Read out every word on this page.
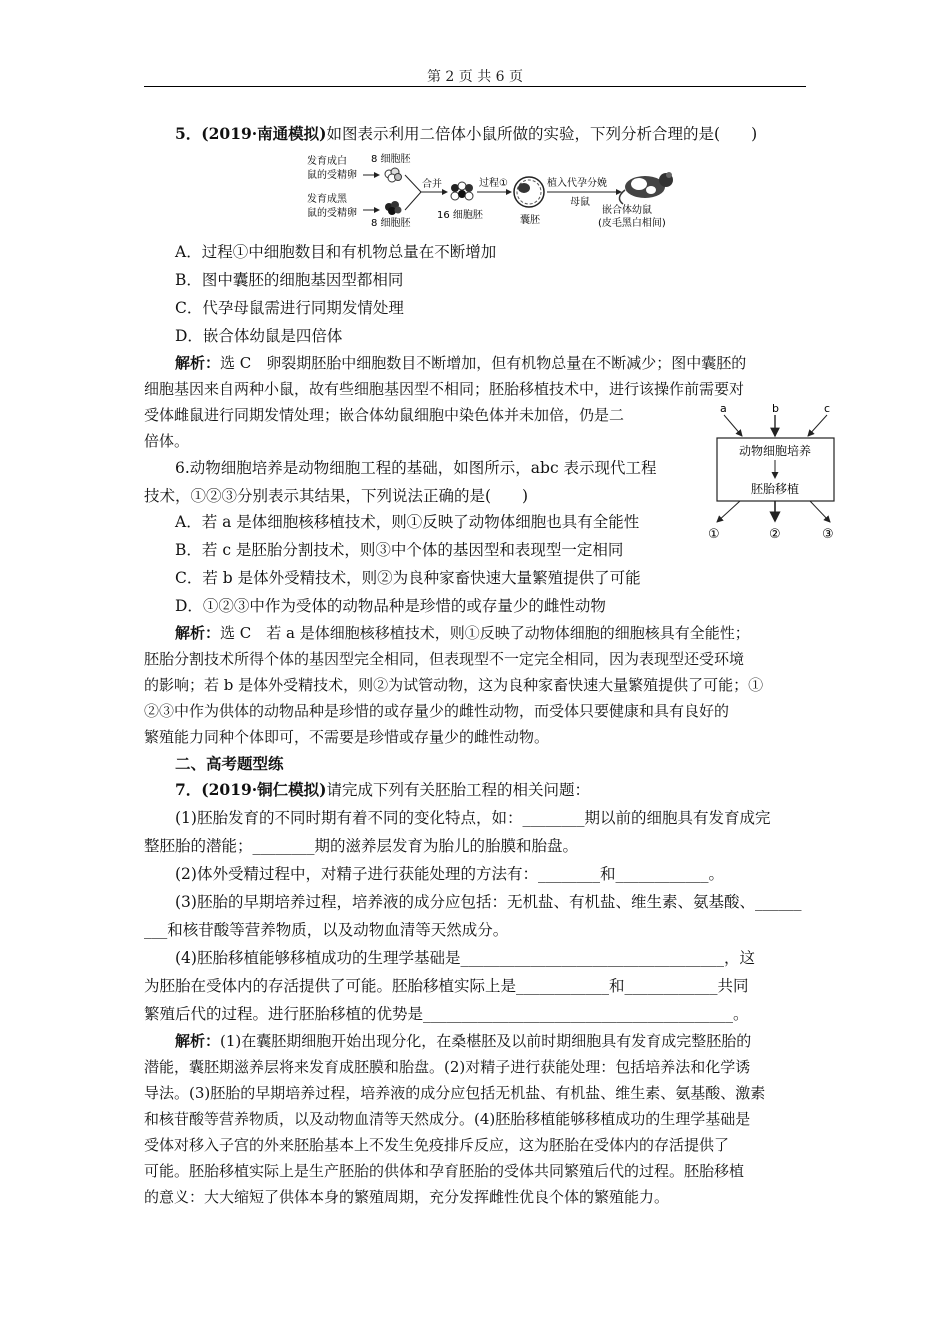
第 2 页 共 6 页

5．(2019·南通模拟)如图表示利用二倍体小鼠所做的实验，下列分析合理的是(　　)

发育成白
鼠的受精卵
发育成黑
鼠的受精卵
8 细胞胚
8 细胞胚
合并
16 细胞胚
过程①
囊胚
植入代孕分娩
母鼠
嵌合体幼鼠
(皮毛黑白相间)
A．过程①中细胞数目和有机物总量在不断增加
B．图中囊胚的细胞基因型都相同
C．代孕母鼠需进行同期发情处理
D．嵌合体幼鼠是四倍体

解析：选 C　卵裂期胚胎中细胞数目不断增加，但有机物总量在不断减少；图中囊胚的

细胞基因来自两种小鼠，故有些细胞基因型不相同；胚胎移植技术中，进行该操作前需要对

受体雌鼠进行同期发情处理；嵌合体幼鼠细胞中染色体并未加倍，仍是二

倍体。

a	b	c
动物细胞培养
胚胎移植
①	②	③

6.动物细胞培养是动物细胞工程的基础，如图所示，abc 表示现代工程

技术，①②③分别表示其结果，下列说法正确的是(　　)

A．若 a 是体细胞核移植技术，则①反映了动物体细胞也具有全能性
B．若 c 是胚胎分割技术，则③中个体的基因型和表现型一定相同
C．若 b 是体外受精技术，则②为良种家畜快速大量繁殖提供了可能
D．①②③中作为受体的动物品种是珍惜的或存量少的雌性动物

解析：选 C　若 a 是体细胞核移植技术，则①反映了动物体细胞的细胞核具有全能性；

胚胎分割技术所得个体的基因型完全相同，但表现型不一定完全相同，因为表现型还受环境

的影响；若 b 是体外受精技术，则②为试管动物，这为良种家畜快速大量繁殖提供了可能；①

②③中作为供体的动物品种是珍惜的或存量少的雌性动物，而受体只要健康和具有良好的

繁殖能力同种个体即可，不需要是珍惜或存量少的雌性动物。

二、高考题型练

7．(2019·铜仁模拟)请完成下列有关胚胎工程的相关问题：

(1)胚胎发育的不同时期有着不同的变化特点，如：________期以前的细胞具有发育成完

整胚胎的潜能；________期的滋养层发育为胎儿的胎膜和胎盘。

(2)体外受精过程中，对精子进行获能处理的方法有：________和____________。

(3)胚胎的早期培养过程，培养液的成分应包括：无机盐、有机盐、维生素、氨基酸、______

___和核苷酸等营养物质，以及动物血清等天然成分。

(4)胚胎移植能够移植成功的生理学基础是__________________________________，这

为胚胎在受体内的存活提供了可能。胚胎移植实际上是____________和____________共同

繁殖后代的过程。进行胚胎移植的优势是________________________________________。

解析：(1)在囊胚期细胞开始出现分化，在桑椹胚及以前时期细胞具有发育成完整胚胎的

潜能，囊胚期滋养层将来发育成胚膜和胎盘。(2)对精子进行获能处理：包括培养法和化学诱

导法。(3)胚胎的早期培养过程，培养液的成分应包括无机盐、有机盐、维生素、氨基酸、激素

和核苷酸等营养物质，以及动物血清等天然成分。(4)胚胎移植能够移植成功的生理学基础是

受体对移入子宫的外来胚胎基本上不发生免疫排斥反应，这为胚胎在受体内的存活提供了

可能。胚胎移植实际上是生产胚胎的供体和孕育胚胎的受体共同繁殖后代的过程。胚胎移植

的意义：大大缩短了供体本身的繁殖周期，充分发挥雌性优良个体的繁殖能力。
